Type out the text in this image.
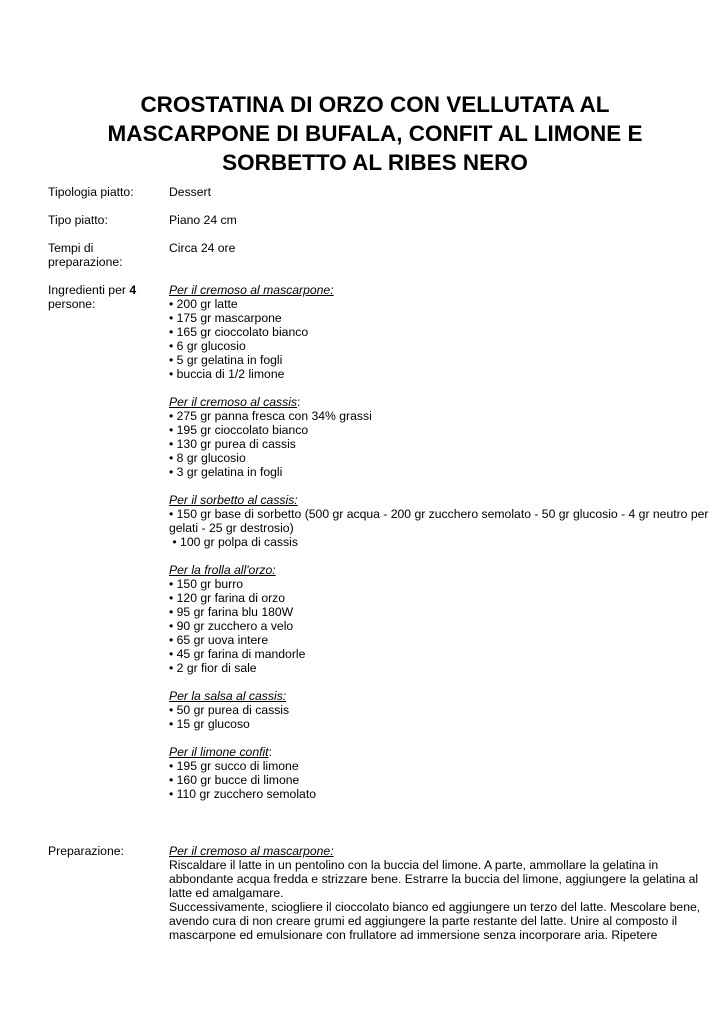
CROSTATINA DI ORZO CON VELLUTATA AL
MASCARPONE DI BUFALA, CONFIT AL LIMONE E
SORBETTO AL RIBES NERO
Tipologia piatto:	Dessert
Tipo piatto:	Piano 24 cm
Tempi di
preparazione:
Circa 24 ore
Ingredienti per 4
persone:
Per il cremoso al mascarpone:
• 200 gr latte
• 175 gr mascarpone
• 165 gr cioccolato bianco
• 6 gr glucosio
• 5 gr gelatina in fogli
• buccia di 1/2 limone
Per il cremoso al cassis:
• 275 gr panna fresca con 34% grassi
• 195 gr cioccolato bianco
• 130 gr purea di cassis
• 8 gr glucosio
• 3 gr gelatina in fogli
Per il sorbetto al cassis:
• 150 gr base di sorbetto (500 gr acqua - 200 gr zucchero semolato - 50 gr glucosio - 4 gr neutro per
gelati - 25 gr destrosio)
• 100 gr polpa di cassis
Per la frolla all'orzo:
• 150 gr burro
• 120 gr farina di orzo
• 95 gr farina blu 180W
• 90 gr zucchero a velo
• 65 gr uova intere
• 45 gr farina di mandorle
• 2 gr fior di sale
Per la salsa al cassis:
• 50 gr purea di cassis
• 15 gr glucoso
Per il limone confit:
• 195 gr succo di limone
• 160 gr bucce di limone
• 110 gr zucchero semolato
Preparazione:	Per il cremoso al mascarpone:
Riscaldare il latte in un pentolino con la buccia del limone. A parte, ammollare la gelatina in
abbondante acqua fredda e strizzare bene. Estrarre la buccia del limone, aggiungere la gelatina al
latte ed amalgamare.
Successivamente, sciogliere il cioccolato bianco ed aggiungere un terzo del latte. Mescolare bene,
avendo cura di non creare grumi ed aggiungere la parte restante del latte. Unire al composto il
mascarpone ed emulsionare con frullatore ad immersione senza incorporare aria. Ripetere
